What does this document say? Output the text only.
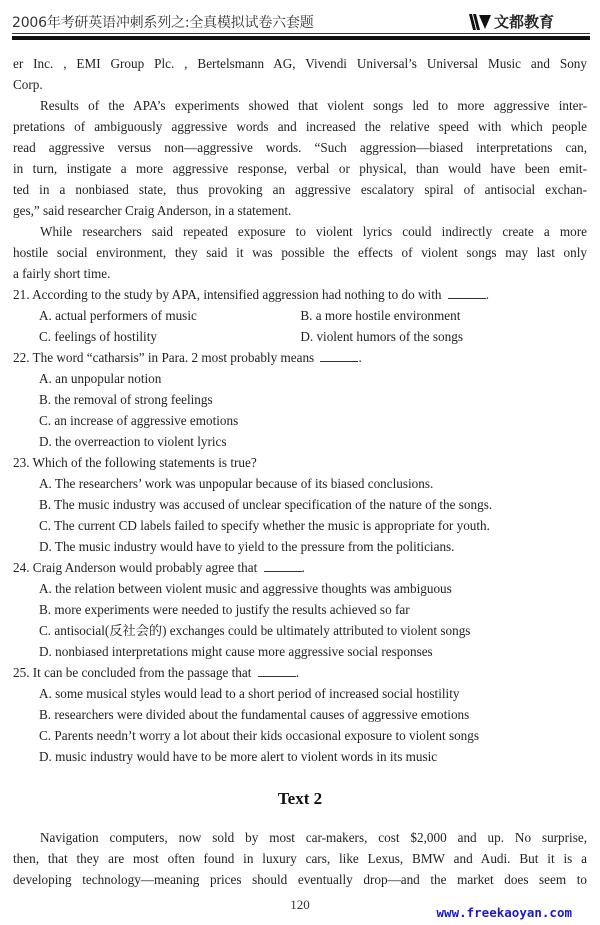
2006年考研英语冲刺系列之:全真模拟试卷六套题	文都教育
er Inc. , EMI Group Plc. , Bertelsmann AG, Vivendi Universal’s Universal Music and Sony
Corp.
Results of the APA’s experiments showed that violent songs led to more aggressive inter-
pretations of ambiguously aggressive words and increased the relative speed with which people
read aggressive versus non—aggressive words. “Such aggression—biased interpretations can,
in turn, instigate a more aggressive response, verbal or physical, than would have been emit-
ted in a nonbiased state, thus provoking an aggressive escalatory spiral of antisocial exchan-
ges,” said researcher Craig Anderson, in a statement.
While researchers said repeated exposure to violent lyrics could indirectly create a more
hostile social environment, they said it was possible the effects of violent songs may last only
a fairly short time.
21. According to the study by APA, intensified aggression had nothing to do with	.
A. actual performers of music	B. a more hostile environment
C. feelings of hostility	D. violent humors of the songs
22. The word “catharsis” in Para. 2 most probably means	.
A. an unpopular notion
B. the removal of strong feelings
C. an increase of aggressive emotions
D. the overreaction to violent lyrics
23. Which of the following statements is true?
A. The researchers’ work was unpopular because of its biased conclusions.
B. The music industry was accused of unclear specification of the nature of the songs.
C. The current CD labels failed to specify whether the music is appropriate for youth.
D. The music industry would have to yield to the pressure from the politicians.
24. Craig Anderson would probably agree that	.
A. the relation between violent music and aggressive thoughts was ambiguous
B. more experiments were needed to justify the results achieved so far
C. antisocial(反社会的) exchanges could be ultimately attributed to violent songs
D. nonbiased interpretations might cause more aggressive social responses
25. It can be concluded from the passage that	.
A. some musical styles would lead to a short period of increased social hostility
B. researchers were divided about the fundamental causes of aggressive emotions
C. Parents needn’t worry a lot about their kids occasional exposure to violent songs
D. music industry would have to be more alert to violent words in its music
Text 2
Navigation computers, now sold by most car-makers, cost $2,000 and up. No surprise,
then, that they are most often found in luxury cars, like Lexus, BMW and Audi. But it is a
developing technology—meaning prices should eventually drop—and the market does seem to
120
www.freekaoyan.com
